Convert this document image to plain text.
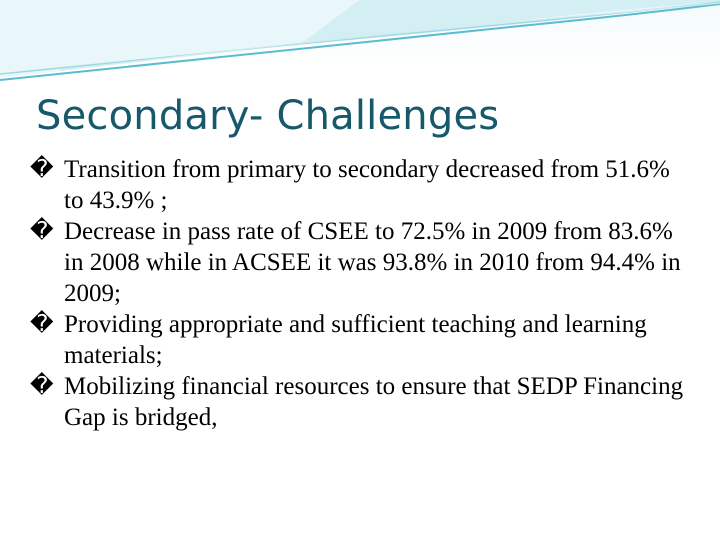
Secondary- Challenges
� Transition from primary to secondary decreased from 51.6% to 43.9% ;
� Decrease in pass rate of CSEE to 72.5% in 2009 from 83.6% in 2008 while in ACSEE it was 93.8% in 2010 from 94.4% in 2009;
� Providing appropriate and sufficient teaching and learning materials;
� Mobilizing financial resources to ensure that SEDP Financing Gap is bridged,
